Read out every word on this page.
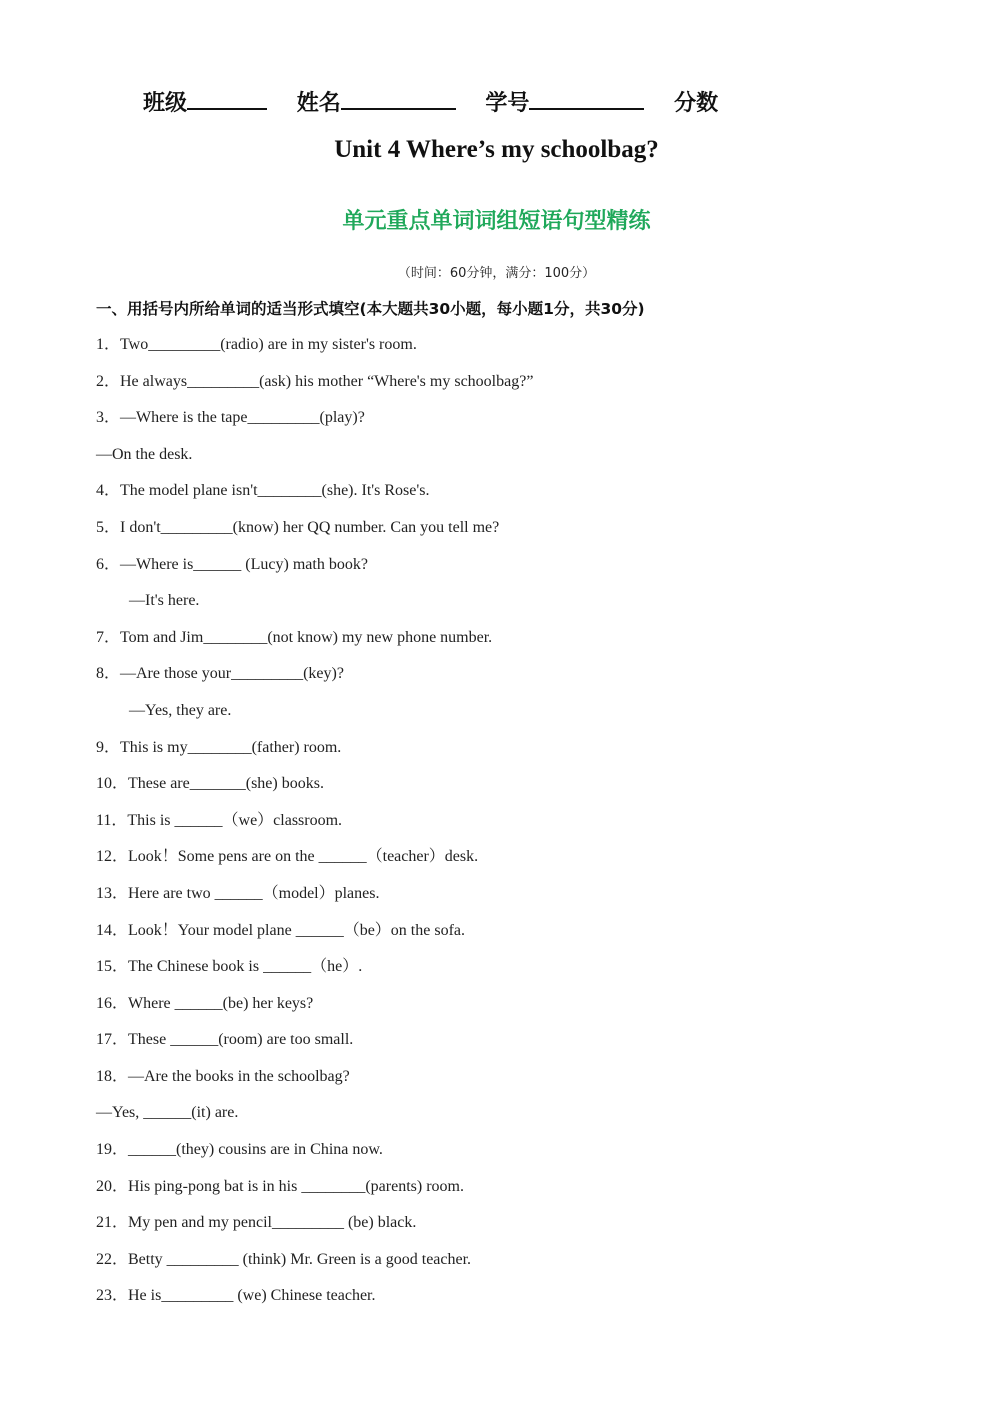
班级	姓名	学号	分数
Unit 4 Where’s my schoolbag?
单元重点单词词组短语句型精练
（时间：60分钟，满分：100分）
一、用括号内所给单词的适当形式填空(本大题共30小题，每小题1分，共30分)
1．Two_________(radio) are in my sister's room.
2．He always_________(ask) his mother “Where's my schoolbag?”
3．—Where is the tape_________(play)?
—On the desk.
4．The model plane isn't________(she). It's Rose's.
5．I don't_________(know) her QQ number. Can you tell me?
6．—Where is______ (Lucy) math book?
—It's here.
7．Tom and Jim________(not know) my new phone number.
8．—Are those your_________(key)?
—Yes, they are.
9．This is my________(father) room.
10．These are_______(she) books.
11．This is ______（we）classroom.
12．Look！Some pens are on the ______（teacher）desk.
13．Here are two ______（model）planes.
14．Look！Your model plane ______（be）on the sofa.
15．The Chinese book is ______（he）.
16．Where ______(be) her keys?
17．These ______(room) are too small.
18．—Are the books in the schoolbag?
—Yes, ______(it) are.
19．______(they) cousins are in China now.
20．His ping-pong bat is in his ________(parents) room.
21．My pen and my pencil_________ (be) black.
22．Betty _________ (think) Mr. Green is a good teacher.
23．He is_________ (we) Chinese teacher.
